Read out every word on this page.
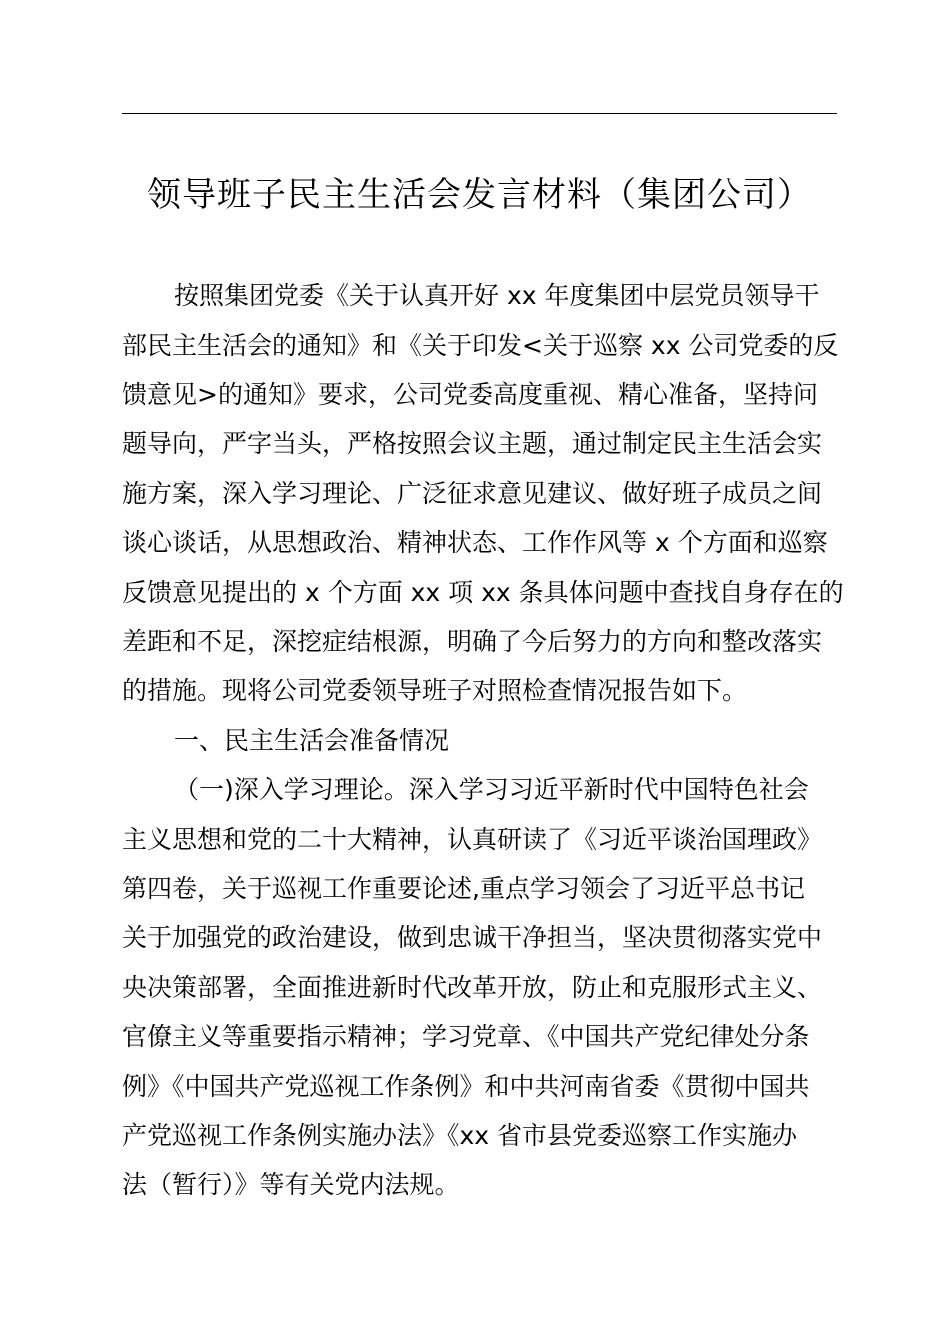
领导班子民主生活会发言材料（集团公司）
按照集团党委《关于认真开好 xx 年度集团中层党员领导干
部民主生活会的通知》和《关于印发<关于巡察 xx 公司党委的反
馈意见>的通知》要求，公司党委高度重视、精心准备，坚持问
题导向，严字当头，严格按照会议主题，通过制定民主生活会实
施方案，深入学习理论、广泛征求意见建议、做好班子成员之间
谈心谈话，从思想政治、精神状态、工作作风等 x 个方面和巡察
反馈意见提出的 x 个方面 xx 项 xx 条具体问题中查找自身存在的
差距和不足，深挖症结根源，明确了今后努力的方向和整改落实
的措施。现将公司党委领导班子对照检查情况报告如下。
一、民主生活会准备情况
（一)深入学习理论。深入学习习近平新时代中国特色社会
主义思想和党的二十大精神，认真研读了《习近平谈治国理政》
第四卷，关于巡视工作重要论述,重点学习领会了习近平总书记
关于加强党的政治建设，做到忠诚干净担当，坚决贯彻落实党中
央决策部署，全面推进新时代改革开放，防止和克服形式主义、
官僚主义等重要指示精神；学习党章、《中国共产党纪律处分条
例》《中国共产党巡视工作条例》和中共河南省委《贯彻中国共
产党巡视工作条例实施办法》《xx 省市县党委巡察工作实施办
法（暂行）》等有关党内法规。
